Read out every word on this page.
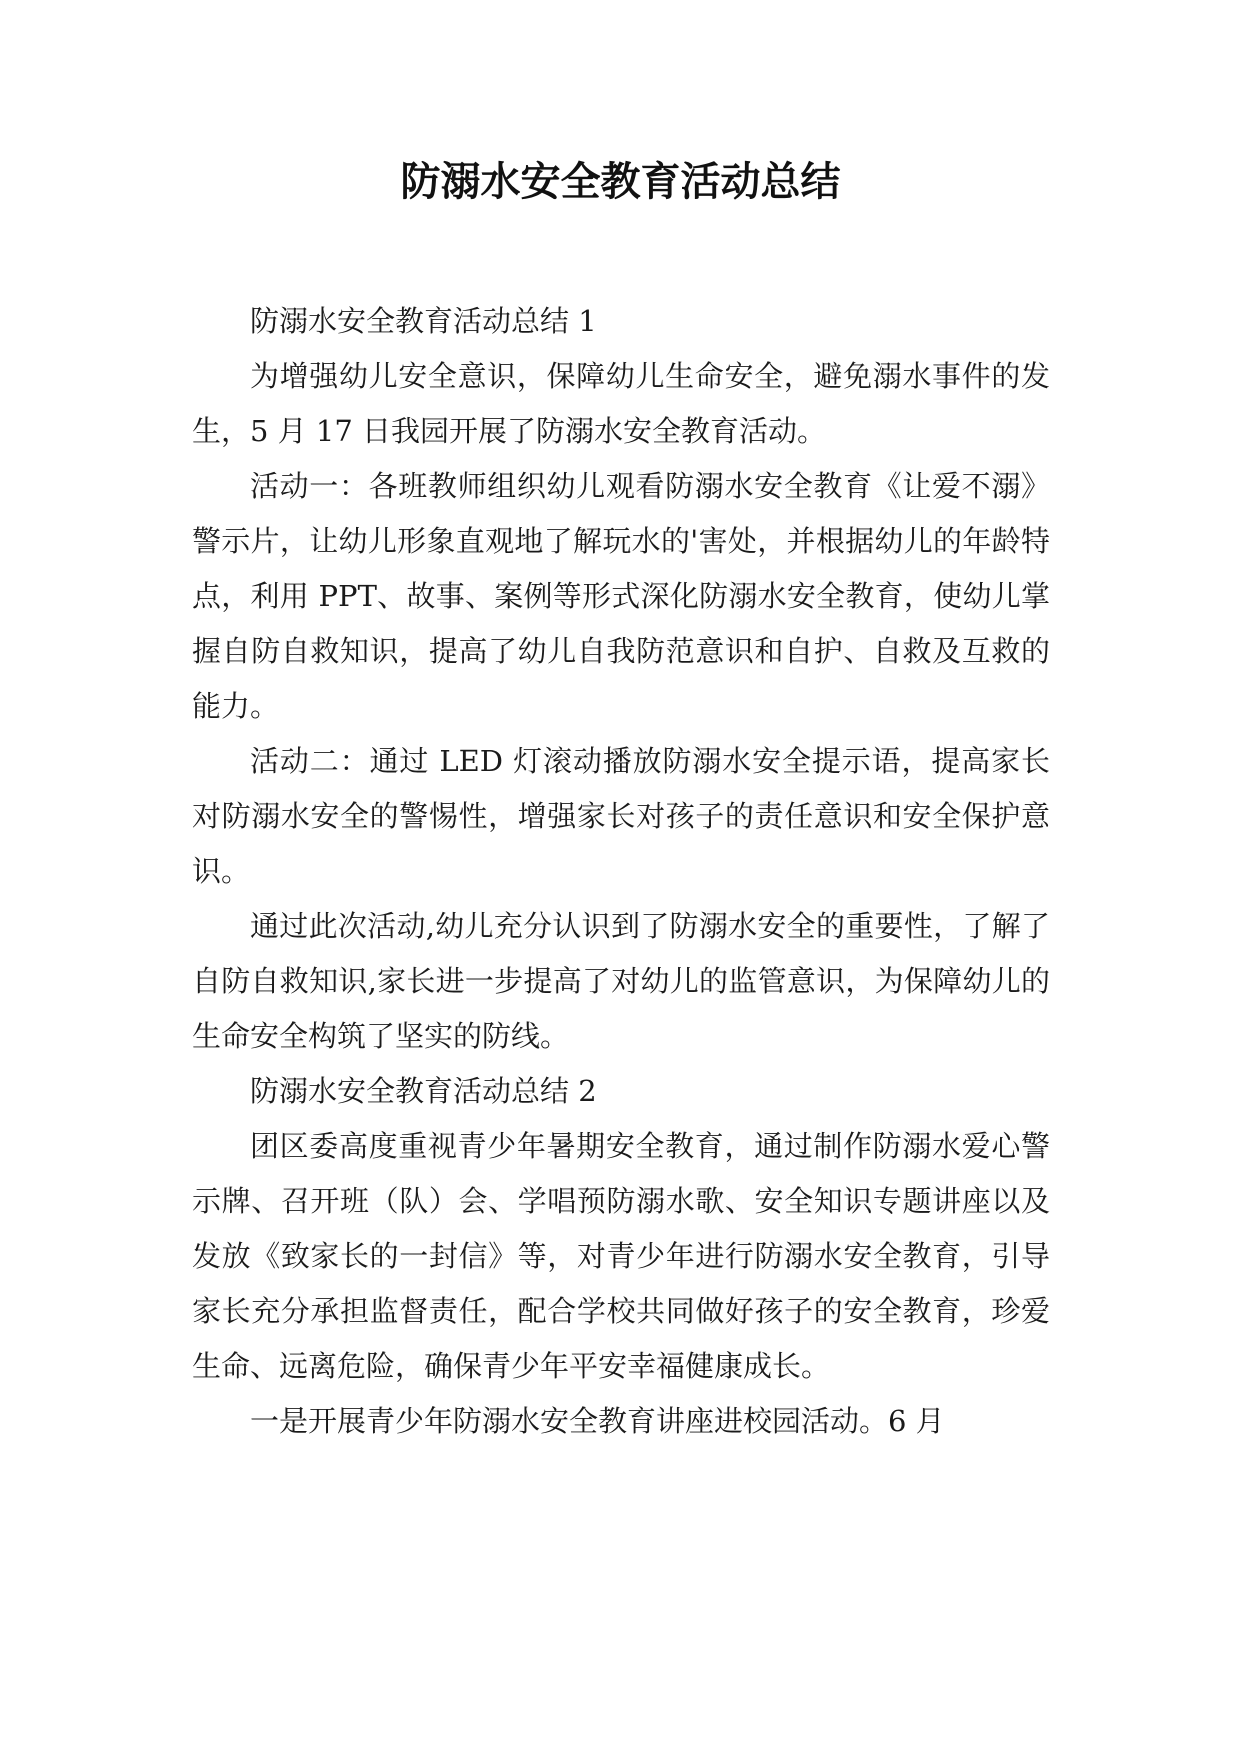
防溺水安全教育活动总结

防溺水安全教育活动总结 1

为增强幼儿安全意识，保障幼儿生命安全，避免溺水事件的发生，5 月 17 日我园开展了防溺水安全教育活动。

活动一：各班教师组织幼儿观看防溺水安全教育《让爱不溺》警示片，让幼儿形象直观地了解玩水的'害处，并根据幼儿的年龄特点，利用 PPT、故事、案例等形式深化防溺水安全教育，使幼儿掌握自防自救知识，提高了幼儿自我防范意识和自护、自救及互救的能力。

活动二：通过 LED 灯滚动播放防溺水安全提示语，提高家长对防溺水安全的警惕性，增强家长对孩子的责任意识和安全保护意识。

通过此次活动,幼儿充分认识到了防溺水安全的重要性，了解了自防自救知识,家长进一步提高了对幼儿的监管意识，为保障幼儿的生命安全构筑了坚实的防线。

防溺水安全教育活动总结 2

团区委高度重视青少年暑期安全教育，通过制作防溺水爱心警示牌、召开班（队）会、学唱预防溺水歌、安全知识专题讲座以及发放《致家长的一封信》等，对青少年进行防溺水安全教育，引导家长充分承担监督责任，配合学校共同做好孩子的安全教育，珍爱生命、远离危险，确保青少年平安幸福健康成长。

一是开展青少年防溺水安全教育讲座进校园活动。6 月
